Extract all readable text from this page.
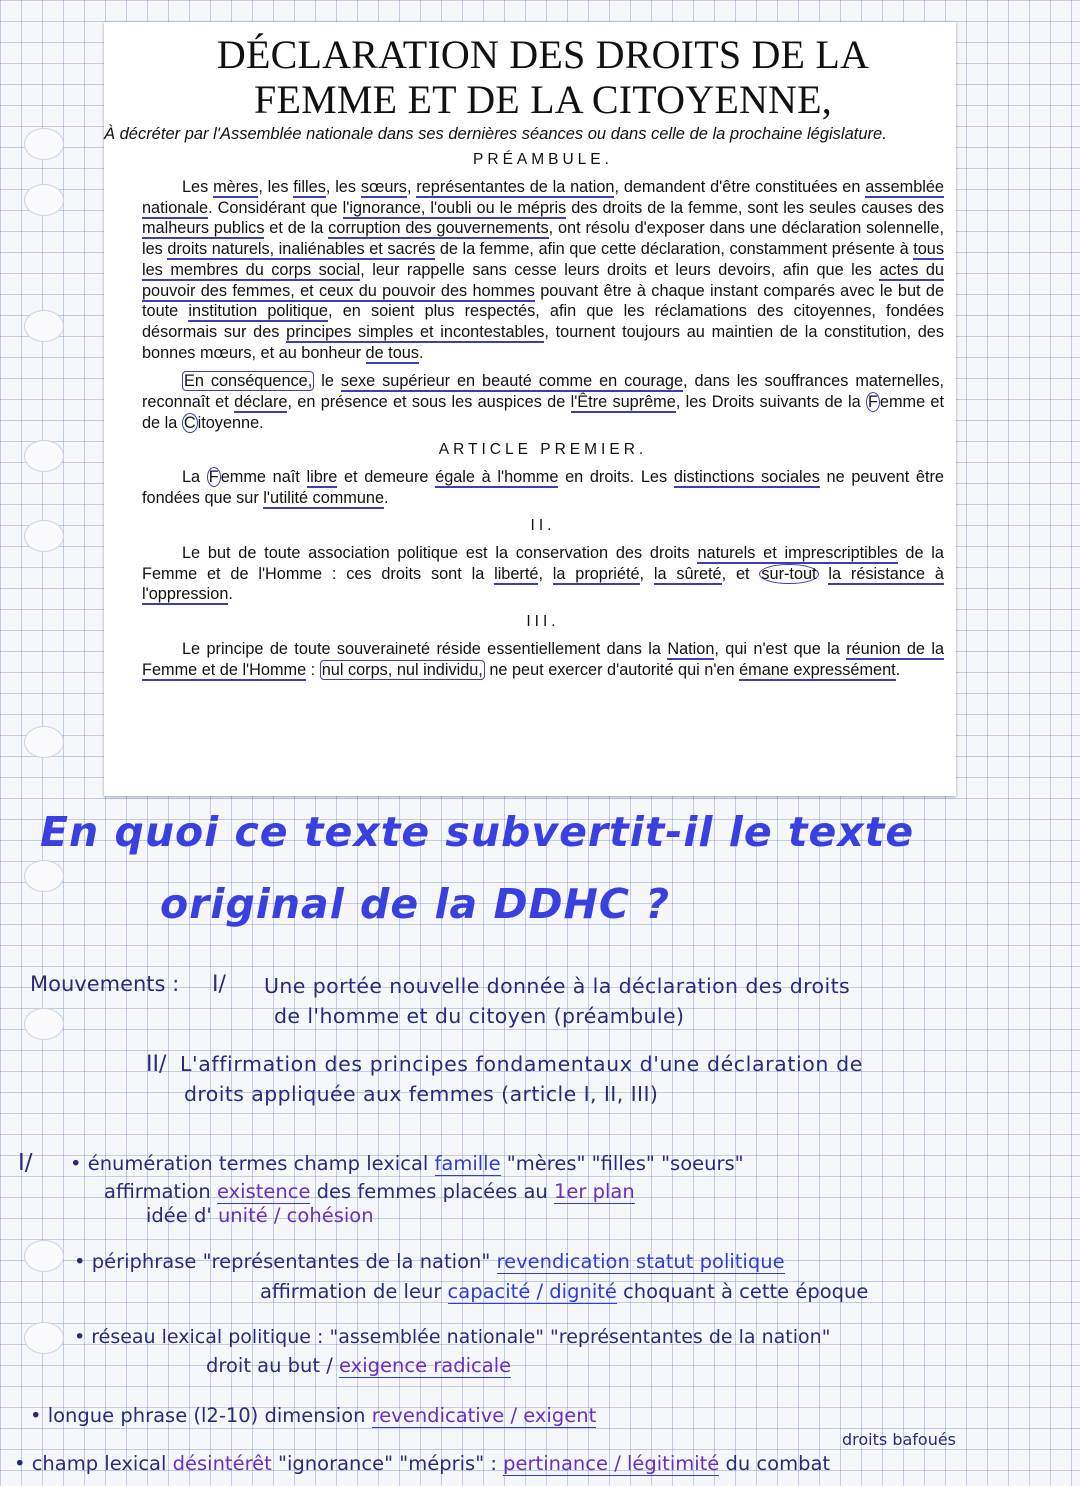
DÉCLARATION DES DROITS DE LA
FEMME ET DE LA CITOYENNE,
À décréter par l'Assemblée nationale dans ses dernières séances ou dans celle de la prochaine législature.
PRÉAMBULE.

Les mères, les filles, les sœurs, représentantes de la nation, demandent d'être constituées en assemblée nationale. Considérant que l'ignorance, l'oubli ou le mépris des droits de la femme, sont les seules causes des malheurs publics et de la corruption des gouvernements, ont résolu d'exposer dans une déclaration solennelle, les droits naturels, inaliénables et sacrés de la femme, afin que cette déclaration, constamment présente à tous les membres du corps social, leur rappelle sans cesse leurs droits et leurs devoirs, afin que les actes du pouvoir des femmes, et ceux du pouvoir des hommes pouvant être à chaque instant comparés avec le but de toute institution politique, en soient plus respectés, afin que les réclamations des citoyennes, fondées désormais sur des principes simples et incontestables, tournent toujours au maintien de la constitution, des bonnes mœurs, et au bonheur de tous.

En conséquence, le sexe supérieur en beauté comme en courage, dans les souffrances maternelles, reconnaît et déclare, en présence et sous les auspices de l'Être suprême, les Droits suivants de la F emme et de la C itoyenne.

ARTICLE PREMIER.

La F emme naît libre et demeure égale à l'homme en droits. Les distinctions sociales ne peuvent être fondées que sur l'utilité commune.

II.

Le but de toute association politique est la conservation des droits naturels et imprescriptibles de la Femme et de l'Homme : ces droits sont la liberté, la propriété, la sûreté, et sur-tout la résistance à l'oppression.

III.

Le principe de toute souveraineté réside essentiellement dans la Nation, qui n'est que la réunion de la Femme et de l'Homme : nul corps, nul individu, ne peut exercer d'autorité qui n'en émane expressément.

En quoi ce texte subvertit-il le texte
original de la DDHC ?
Mouvements : I/ Une portée nouvelle donnée à la déclaration des droits
de l'homme et du citoyen (préambule)
II/ L'affirmation des principes fondamentaux d'une déclaration de
droits appliquée aux femmes (article I, II, III)
I/ • énumération termes champ lexical famille "mères" "filles" "soeurs"
affirmation existence des femmes placées au 1er plan
idée d' unité / cohésion
• périphrase "représentantes de la nation" revendication statut politique
affirmation de leur capacité / dignité choquant à cette époque
• réseau lexical politique : "assemblée nationale" "représentantes de la nation"
droit au but / exigence radicale
• longue phrase (l2-10) dimension revendicative / exigent
droits bafoués
• champ lexical désintérêt "ignorance" "mépris" : pertinance / légitimité du combat
